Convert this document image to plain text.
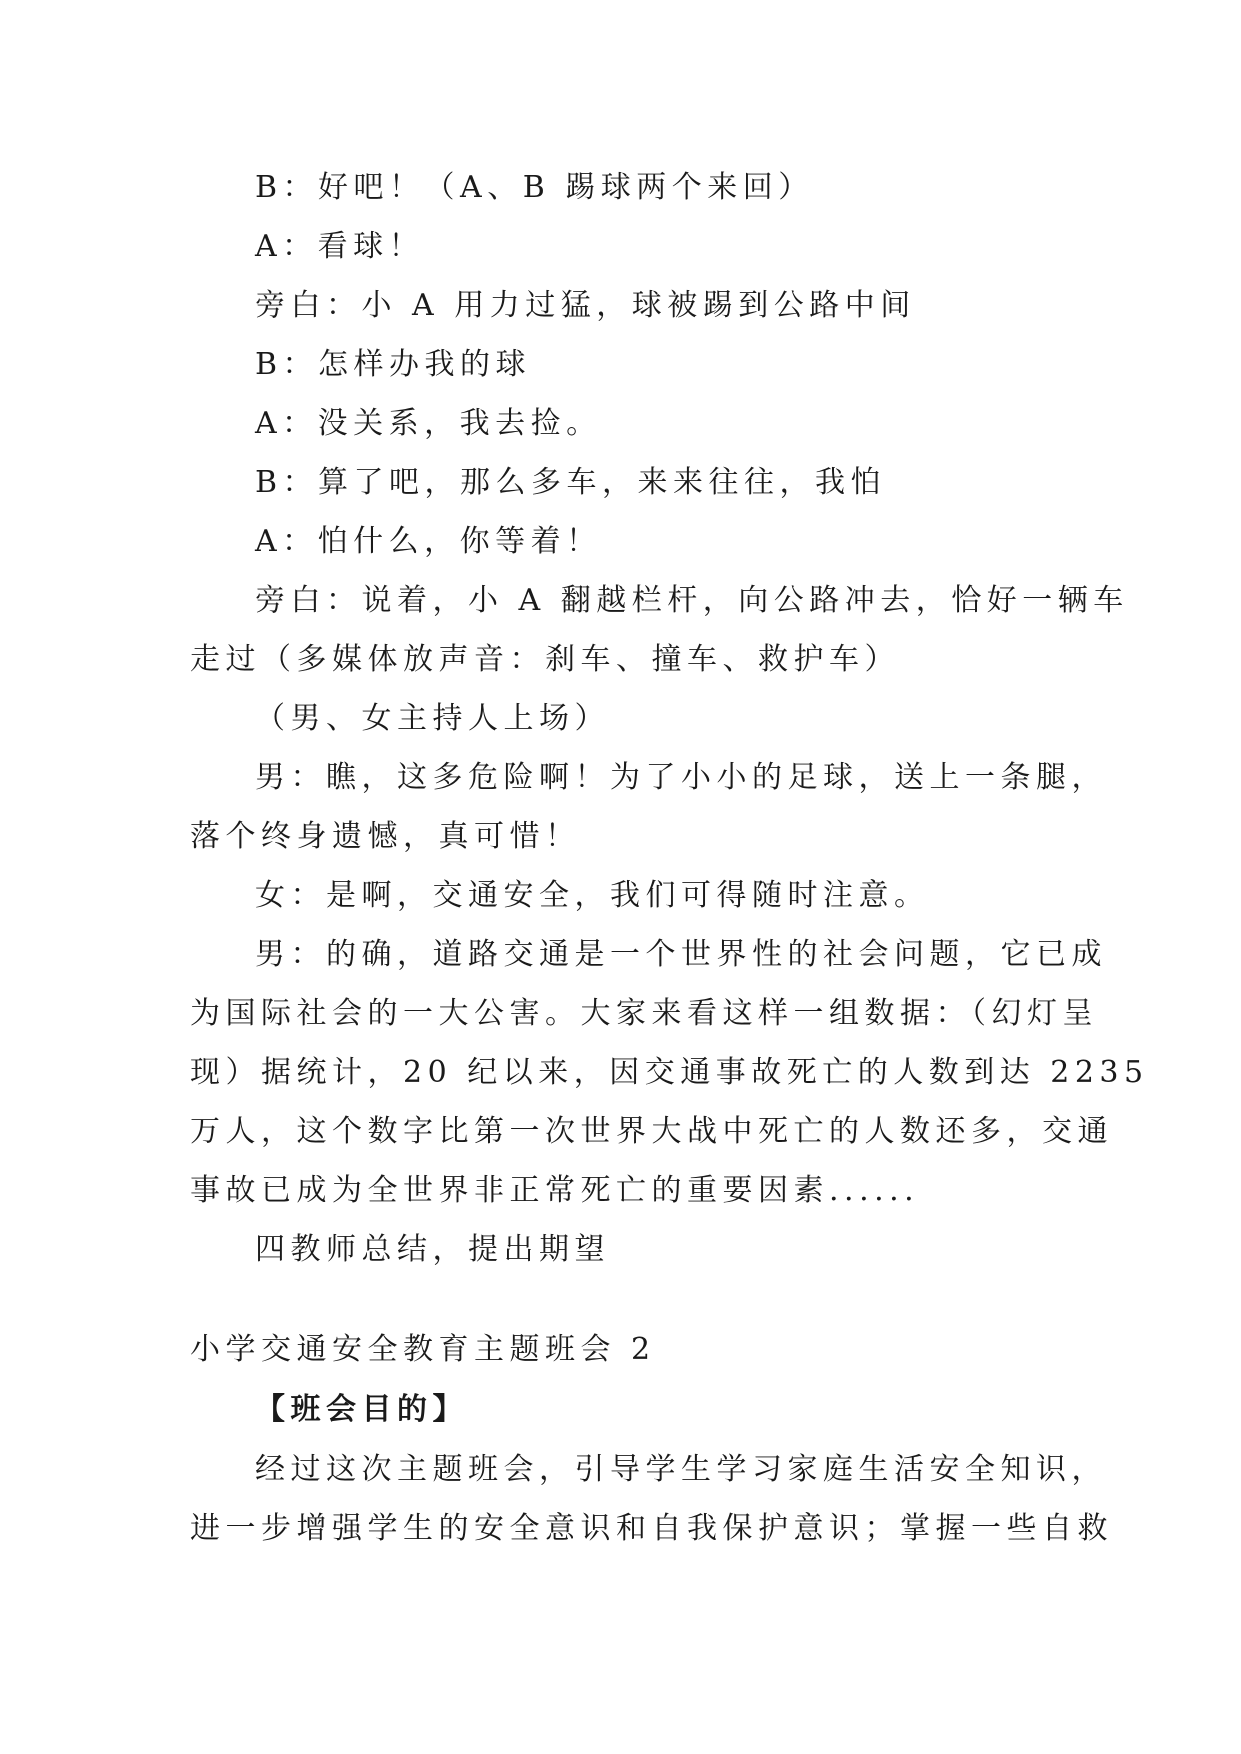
B：好吧！（A、B 踢球两个来回）
A：看球！
旁白：小 A 用力过猛，球被踢到公路中间
B：怎样办我的球
A：没关系，我去捡。
B：算了吧，那么多车，来来往往，我怕
A：怕什么，你等着！
旁白：说着，小 A 翻越栏杆，向公路冲去，恰好一辆车
走过（多媒体放声音：刹车、撞车、救护车）
（男、女主持人上场）
男：瞧，这多危险啊！为了小小的足球，送上一条腿，
落个终身遗憾，真可惜！
女：是啊，交通安全，我们可得随时注意。
男：的确，道路交通是一个世界性的社会问题，它已成
为国际社会的一大公害。大家来看这样一组数据：（幻灯呈
现）据统计，20 纪以来，因交通事故死亡的人数到达 2235
万人，这个数字比第一次世界大战中死亡的人数还多，交通
事故已成为全世界非正常死亡的重要因素......
四教师总结，提出期望
小学交通安全教育主题班会 2
【班会目的】
经过这次主题班会，引导学生学习家庭生活安全知识，
进一步增强学生的安全意识和自我保护意识；掌握一些自救
